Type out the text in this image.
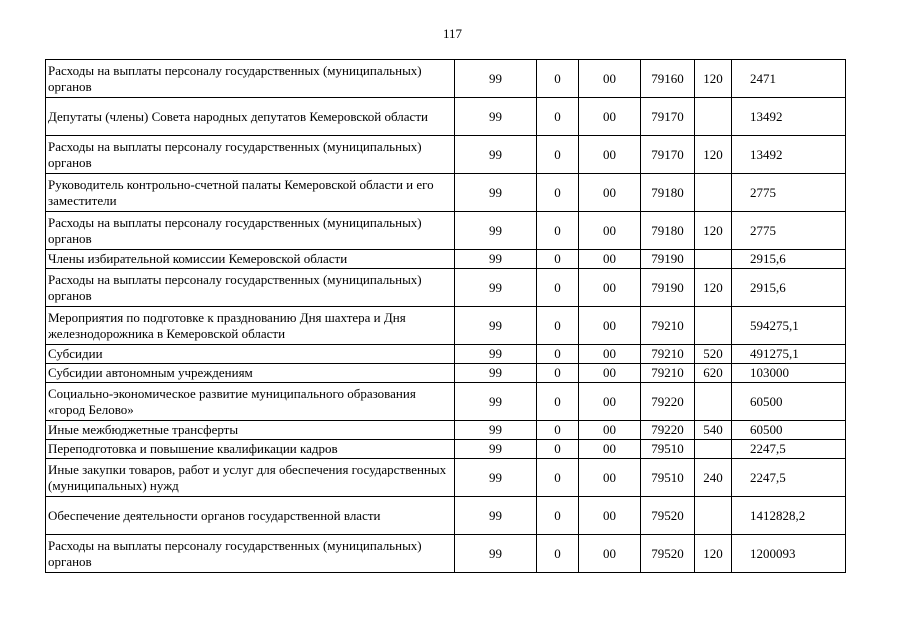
117
Расходы на выплаты персоналу государственных (муниципальных) органов	99	0	00	79160	120	2471
Депутаты (члены) Совета народных депутатов Кемеровской области	99	0	00	79170		13492
Расходы на выплаты персоналу государственных (муниципальных) органов	99	0	00	79170	120	13492
Руководитель контрольно-счетной палаты Кемеровской области и его заместители	99	0	00	79180		2775
Расходы на выплаты персоналу государственных (муниципальных) органов	99	0	00	79180	120	2775
Члены избирательной комиссии Кемеровской области	99	0	00	79190		2915,6
Расходы на выплаты персоналу государственных (муниципальных) органов	99	0	00	79190	120	2915,6
Мероприятия по подготовке к празднованию Дня шахтера и Дня железнодорожника в Кемеровской области	99	0	00	79210		594275,1
Субсидии	99	0	00	79210	520	491275,1
Субсидии автономным учреждениям	99	0	00	79210	620	103000
Социально-экономическое развитие муниципального образования «город Белово»	99	0	00	79220		60500
Иные межбюджетные трансферты	99	0	00	79220	540	60500
Переподготовка и повышение квалификации кадров	99	0	00	79510		2247,5
Иные закупки товаров, работ и услуг для обеспечения государственных (муниципальных) нужд	99	0	00	79510	240	2247,5
Обеспечение деятельности органов государственной власти	99	0	00	79520		1412828,2
Расходы на выплаты персоналу государственных (муниципальных) органов	99	0	00	79520	120	1200093
